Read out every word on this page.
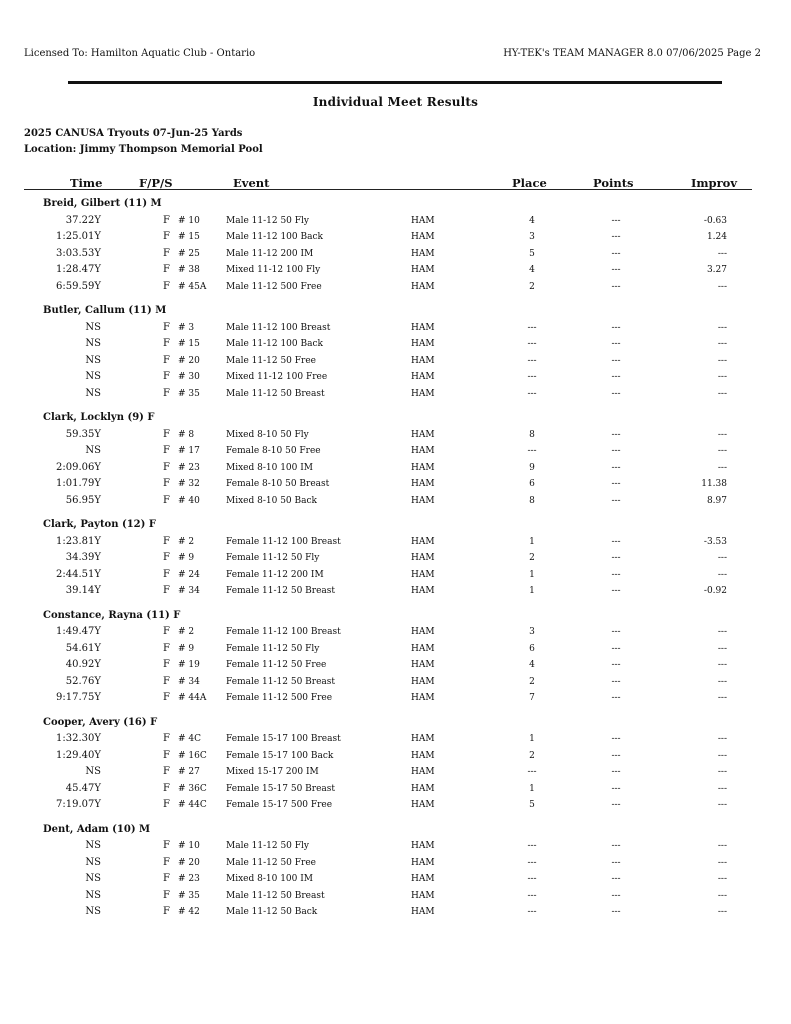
Licensed To: Hamilton Aquatic Club - Ontario	HY-TEK's TEAM MANAGER 8.0 07/06/2025 Page 2
Individual Meet Results
2025 CANUSA Tryouts 07-Jun-25 Yards
Location: Jimmy Thompson Memorial Pool
Time	F/P/S	Event	Place	Points	Improv
Breid, Gilbert (11) M
37.22Y	F # 10	Male 11-12 50 Fly	HAM	4	---	-0.63
1:25.01Y	F # 15	Male 11-12 100 Back	HAM	3	---	1.24
3:03.53Y	F # 25	Male 11-12 200 IM	HAM	5	---	---
1:28.47Y	F # 38	Mixed 11-12 100 Fly	HAM	4	---	3.27
6:59.59Y	F # 45A Male 11-12 500 Free	HAM	2	---	---
Butler, Callum (11) M
NS	F # 3	Male 11-12 100 Breast	HAM	---	---	---
NS	F # 15	Male 11-12 100 Back	HAM	---	---	---
NS	F # 20	Male 11-12 50 Free	HAM	---	---	---
NS	F # 30	Mixed 11-12 100 Free	HAM	---	---	---
NS	F # 35	Male 11-12 50 Breast	HAM	---	---	---
Clark, Locklyn (9) F
59.35Y	F # 8	Mixed 8-10 50 Fly	HAM	8	---	---
NS	F # 17	Female 8-10 50 Free	HAM	---	---	---
2:09.06Y	F # 23	Mixed 8-10 100 IM	HAM	9	---	---
1:01.79Y	F # 32	Female 8-10 50 Breast	HAM	6	---	11.38
56.95Y	F # 40	Mixed 8-10 50 Back	HAM	8	---	8.97
Clark, Payton (12) F
1:23.81Y	F # 2	Female 11-12 100 Breast	HAM	1	---	-3.53
34.39Y	F # 9	Female 11-12 50 Fly	HAM	2	---	---
2:44.51Y	F # 24	Female 11-12 200 IM	HAM	1	---	---
39.14Y	F # 34	Female 11-12 50 Breast	HAM	1	---	-0.92
Constance, Rayna (11) F
1:49.47Y	F # 2	Female 11-12 100 Breast	HAM	3	---	---
54.61Y	F # 9	Female 11-12 50 Fly	HAM	6	---	---
40.92Y	F # 19	Female 11-12 50 Free	HAM	4	---	---
52.76Y	F # 34	Female 11-12 50 Breast	HAM	2	---	---
9:17.75Y	F # 44A Female 11-12 500 Free	HAM	7	---	---
Cooper, Avery (16) F
1:32.30Y	F # 4C	Female 15-17 100 Breast	HAM	1	---	---
1:29.40Y	F # 16C Female 15-17 100 Back	HAM	2	---	---
NS	F # 27	Mixed 15-17 200 IM	HAM	---	---	---
45.47Y	F # 36C Female 15-17 50 Breast	HAM	1	---	---
7:19.07Y	F # 44C Female 15-17 500 Free	HAM	5	---	---
Dent, Adam (10) M
NS	F # 10	Male 11-12 50 Fly	HAM	---	---	---
NS	F # 20	Male 11-12 50 Free	HAM	---	---	---
NS	F # 23	Mixed 8-10 100 IM	HAM	---	---	---
NS	F # 35	Male 11-12 50 Breast	HAM	---	---	---
NS	F # 42	Male 11-12 50 Back	HAM	---	---	---
